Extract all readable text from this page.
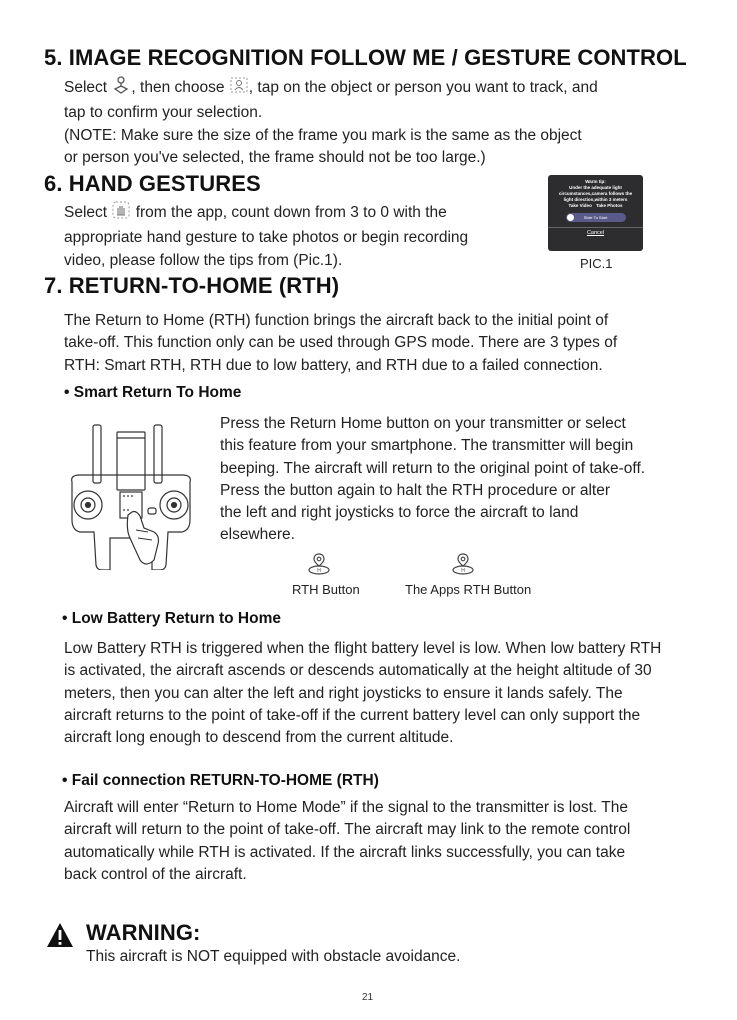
5. IMAGE RECOGNITION FOLLOW ME / GESTURE CONTROL
Select , then choose , tap on the object or person you want to track, and
tap to confirm your selection.
(NOTE: Make sure the size of the frame you mark is the same as the object
or person you've selected, the frame should not be too large.)
6. HAND GESTURES
Select from the app, count down from 3 to 0 with the
appropriate hand gesture to take photos or begin recording
video, please follow the tips from (Pic.1).
Warm tip:
Under the adequate light
circumstances,camera follows the
light direction,within 3 meters
Take Video Take Photos
Slide To Start
Cancel
PIC.1
7. RETURN-TO-HOME (RTH)
The Return to Home (RTH) function brings the aircraft back to the initial point of
take-off. This function only can be used through GPS mode. There are 3 types of
RTH: Smart RTH, RTH due to low battery, and RTH due to a failed connection.
• Smart Return To Home
Press the Return Home button on your transmitter or select
this feature from your smartphone. The transmitter will begin
beeping. The aircraft will return to the original point of take-off.
Press the button again to halt the RTH procedure or alter
the left and right joysticks to force the aircraft to land
elsewhere.
H	H
RTH Button	The Apps RTH Button
• Low Battery Return to Home
Low Battery RTH is triggered when the flight battery level is low. When low battery RTH
is activated, the aircraft ascends or descends automatically at the height altitude of 30
meters, then you can alter the left and right joysticks to ensure it lands safely. The
aircraft returns to the point of take-off if the current battery level can only support the
aircraft long enough to descend from the current altitude.
• Fail connection RETURN-TO-HOME (RTH)
Aircraft will enter “Return to Home Mode” if the signal to the transmitter is lost. The
aircraft will return to the point of take-off. The aircraft may link to the remote control
automatically while RTH is activated. If the aircraft links successfully, you can take
back control of the aircraft.
WARNING:
This aircraft is NOT equipped with obstacle avoidance.
21
